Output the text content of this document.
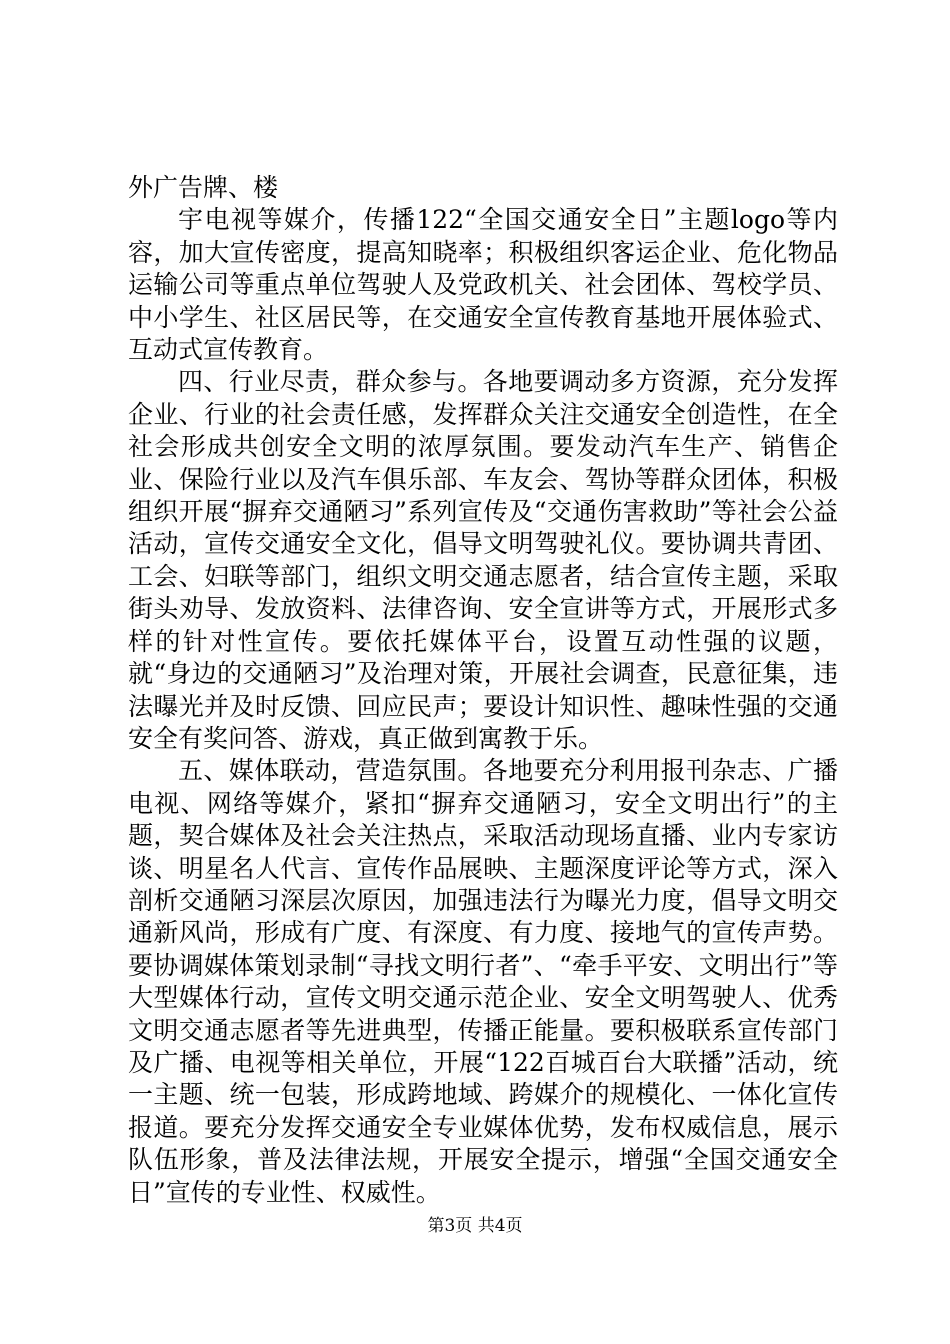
外广告牌、楼

宇电视等媒介，传播122“全国交通安全日”主题logo等内容，加大宣传密度，提高知晓率；积极组织客运企业、危化物品运输公司等重点单位驾驶人及党政机关、社会团体、驾校学员、中小学生、社区居民等，在交通安全宣传教育基地开展体验式、互动式宣传教育。

四、行业尽责，群众参与。各地要调动多方资源，充分发挥企业、行业的社会责任感，发挥群众关注交通安全创造性，在全社会形成共创安全文明的浓厚氛围。要发动汽车生产、销售企业、保险行业以及汽车俱乐部、车友会、驾协等群众团体，积极组织开展“摒弃交通陋习”系列宣传及“交通伤害救助”等社会公益活动，宣传交通安全文化，倡导文明驾驶礼仪。要协调共青团、工会、妇联等部门，组织文明交通志愿者，结合宣传主题，采取街头劝导、发放资料、法律咨询、安全宣讲等方式，开展形式多样的针对性宣传。要依托媒体平台，设置互动性强的议题，就“身边的交通陋习”及治理对策，开展社会调查，民意征集，违法曝光并及时反馈、回应民声；要设计知识性、趣味性强的交通安全有奖问答、游戏，真正做到寓教于乐。

五、媒体联动，营造氛围。各地要充分利用报刊杂志、广播电视、网络等媒介，紧扣“摒弃交通陋习，安全文明出行”的主题，契合媒体及社会关注热点，采取活动现场直播、业内专家访谈、明星名人代言、宣传作品展映、主题深度评论等方式，深入剖析交通陋习深层次原因，加强违法行为曝光力度，倡导文明交通新风尚，形成有广度、有深度、有力度、接地气的宣传声势。要协调媒体策划录制“寻找文明行者”、“牵手平安、文明出行”等大型媒体行动，宣传文明交通示范企业、安全文明驾驶人、优秀文明交通志愿者等先进典型，传播正能量。要积极联系宣传部门及广播、电视等相关单位，开展“122百城百台大联播”活动，统一主题、统一包装，形成跨地域、跨媒介的规模化、一体化宣传报道。要充分发挥交通安全专业媒体优势，发布权威信息，展示队伍形象，普及法律法规，开展安全提示，增强“全国交通安全日”宣传的专业性、权威性。

第3页 共4页
